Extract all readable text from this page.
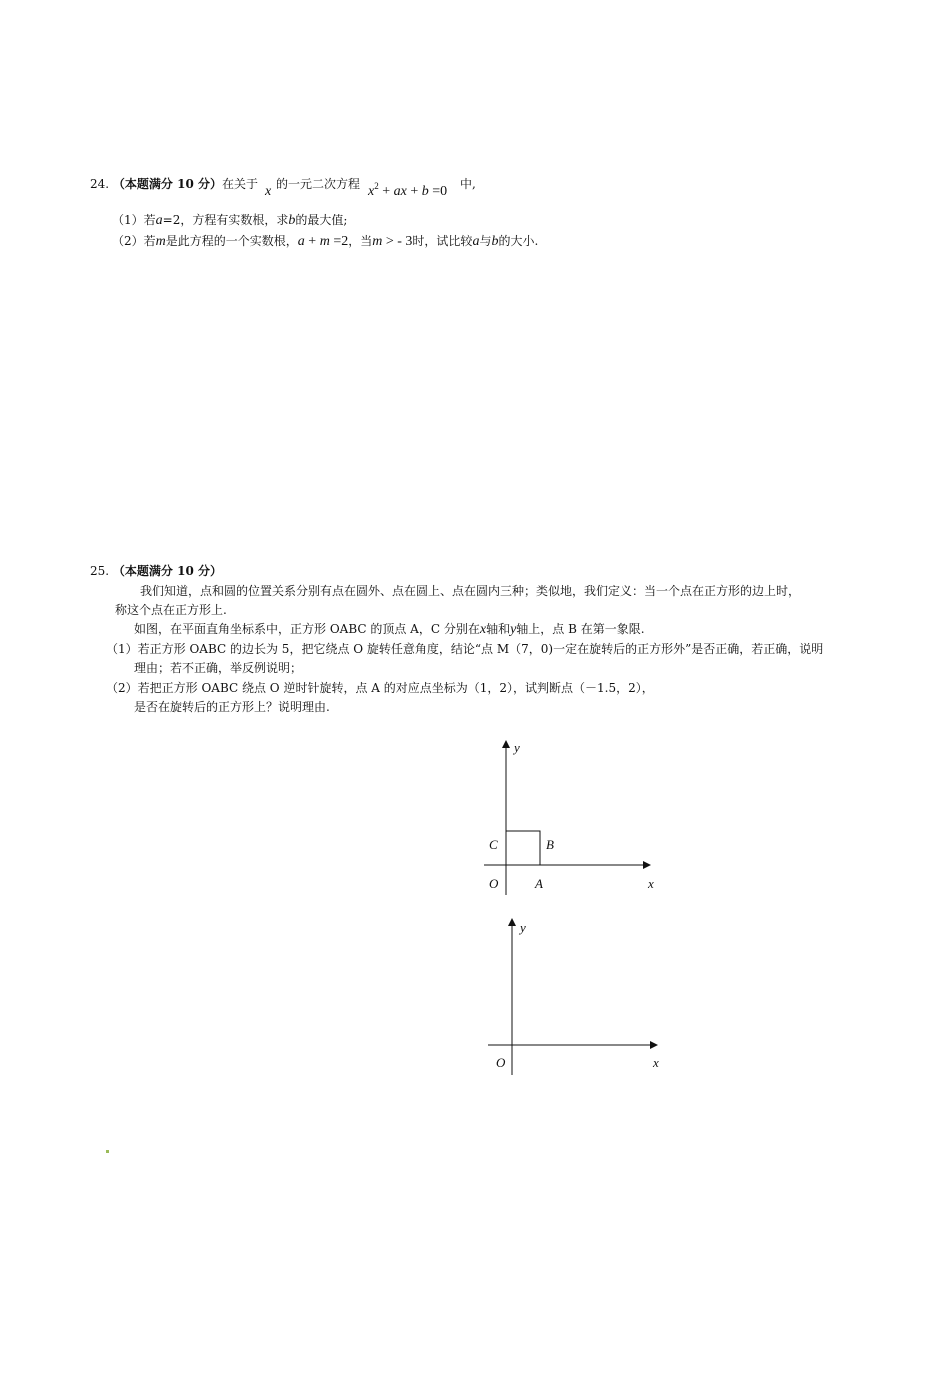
24. （本题满分 10 分）在关于 x 的一元二次方程 $x^2$ + ax + b =0 中,
（1）若a=2，方程有实数根，求b的最大值;
（2）若m是此方程的一个实数根，a + m =2，当m > - 3时，试比较a与b的大小.
25. （本题满分 10 分）
我们知道，点和圆的位置关系分别有点在圆外、点在圆上、点在圆内三种；类似地，我们定义：当一个点在正方形的边上时，
称这个点在正方形上.
如图，在平面直角坐标系中，正方形 OABC 的顶点 A，C 分别在x轴和y轴上，点 B 在第一象限.
（1）若正方形 OABC 的边长为 5，把它绕点 O 旋转任意角度，结论“点 M（7，0)一定在旋转后的正方形外”是否正确，若正确，说明
理由；若不正确，举反例说明；
（2）若把正方形 OABC 绕点 O 逆时针旋转，点 A 的对应点坐标为（1，2），试判断点（－1.5，2），
是否在旋转后的正方形上？说明理由.
y
x
O	A
B
C
y
x
O
